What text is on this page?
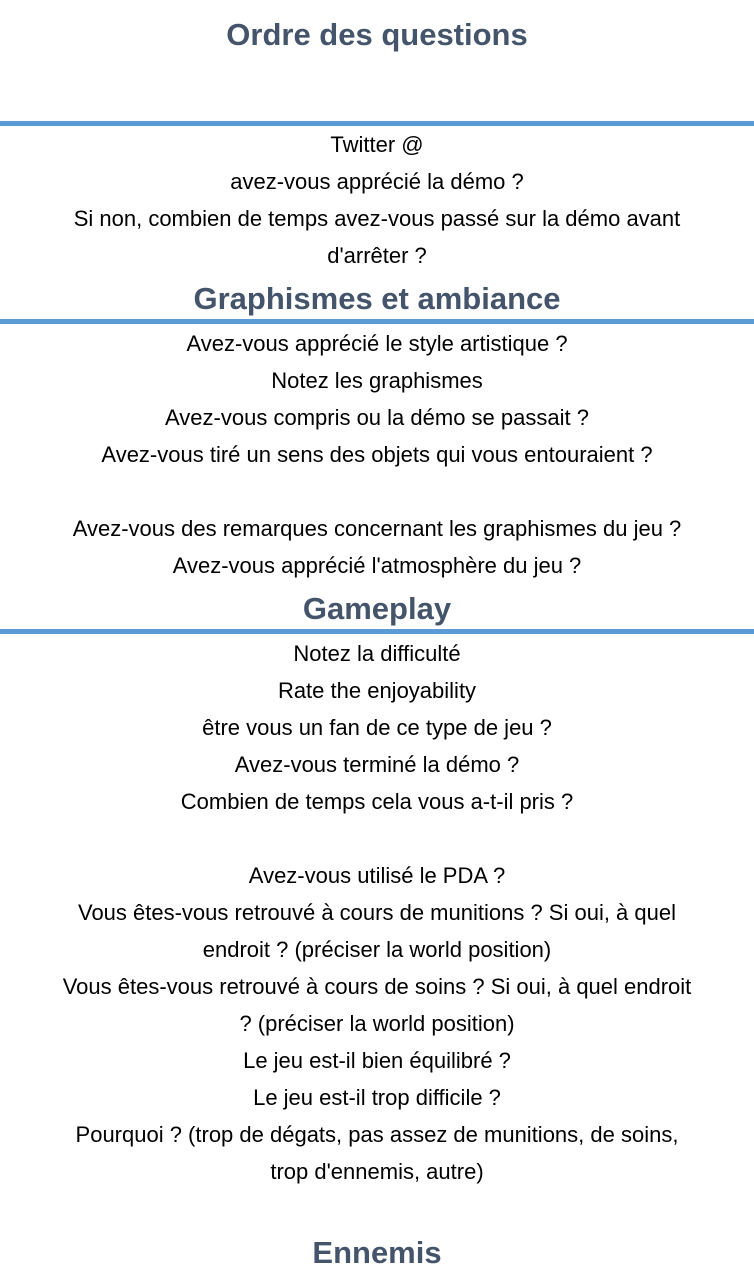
Ordre des questions
Twitter @
avez-vous apprécié la démo ?
Si non, combien de temps avez-vous passé sur la démo avant
d'arrêter ?
Graphismes et ambiance
Avez-vous apprécié le style artistique ?
Notez les graphismes
Avez-vous compris ou la démo se passait ?
Avez-vous tiré un sens des objets qui vous entouraient ?
Avez-vous des remarques concernant les graphismes du jeu ?
Avez-vous apprécié l'atmosphère du jeu ?
Gameplay
Notez la difficulté
Rate the enjoyability
être vous un fan de ce type de jeu ?
Avez-vous terminé la démo ?
Combien de temps cela vous a-t-il pris ?
Avez-vous utilisé le PDA ?
Vous êtes-vous retrouvé à cours de munitions ? Si oui, à quel
endroit ? (préciser la world position)
Vous êtes-vous retrouvé à cours de soins ? Si oui, à quel endroit
? (préciser la world position)
Le jeu est-il bien équilibré ?
Le jeu est-il trop difficile ?
Pourquoi ? (trop de dégats, pas assez de munitions, de soins,
trop d'ennemis, autre)
Ennemis
